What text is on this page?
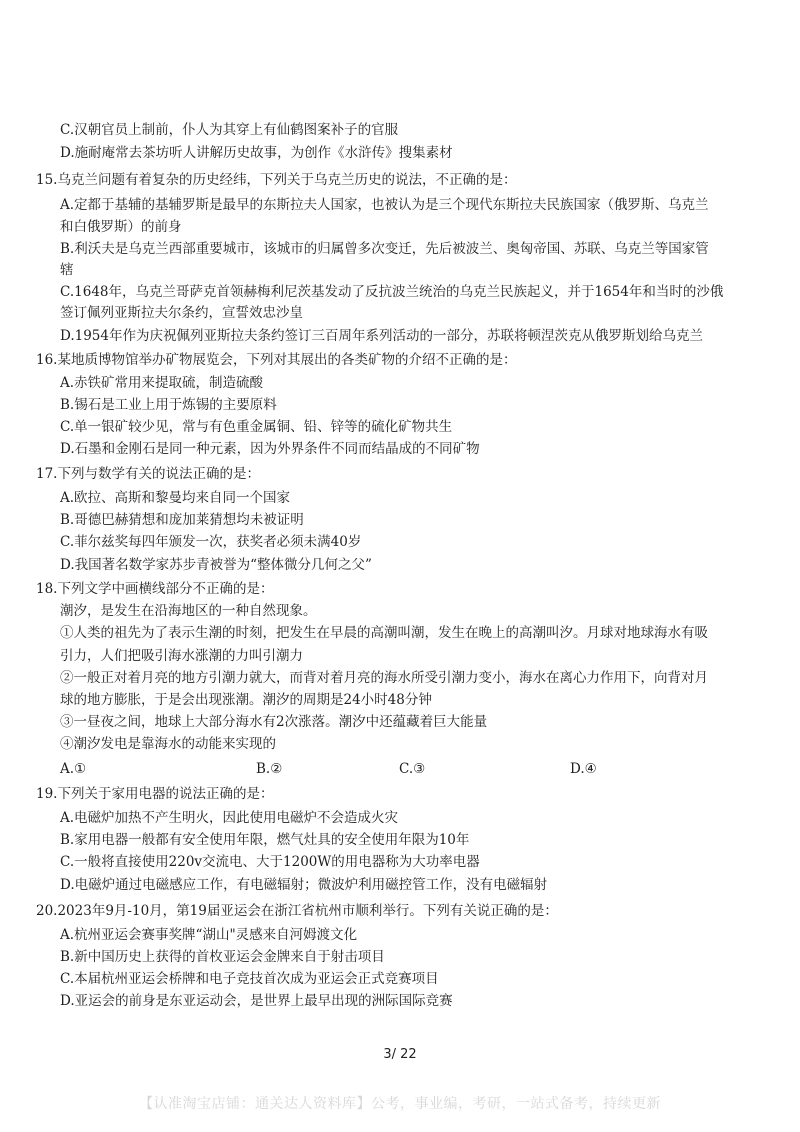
C.汉朝官员上制前，仆人为其穿上有仙鹤图案补子的官服
D.施耐庵常去茶坊听人讲解历史故事，为创作《水浒传》搜集素材
15.乌克兰问题有着复杂的历史经纬，下列关于乌克兰历史的说法，不正确的是：
A.定都于基辅的基辅罗斯是最早的东斯拉夫人国家，也被认为是三个现代东斯拉夫民族国家（俄罗斯、乌克兰
和白俄罗斯）的前身
B.利沃夫是乌克兰西部重要城市，该城市的归属曾多次变迁，先后被波兰、奥匈帝国、苏联、乌克兰等国家管
辖
C.1648年，乌克兰哥萨克首领赫梅利尼茨基发动了反抗波兰统治的乌克兰民族起义，并于1654年和当时的沙俄
签订佩列亚斯拉夫尔条约，宣誓效忠沙皇
D.1954年作为庆祝佩列亚斯拉夫条约签订三百周年系列活动的一部分，苏联将顿涅茨克从俄罗斯划给乌克兰
16.某地质博物馆举办矿物展览会，下列对其展出的各类矿物的介绍不正确的是：
A.赤铁矿常用来提取硫，制造硫酸
B.锡石是工业上用于炼锡的主要原料
C.单一银矿较少见，常与有色重金属铜、铅、锌等的硫化矿物共生
D.石墨和金刚石是同一种元素，因为外界条件不同而结晶成的不同矿物
17.下列与数学有关的说法正确的是：
A.欧拉、高斯和黎曼均来自同一个国家
B.哥德巴赫猜想和庞加莱猜想均未被证明
C.菲尔兹奖每四年颁发一次，获奖者必须未满40岁
D.我国著名数学家苏步青被誉为“整体微分几何之父”
18.下列文学中画横线部分不正确的是：
潮汐，是发生在沿海地区的一种自然现象。
①人类的祖先为了表示生潮的时刻，把发生在早晨的高潮叫潮，发生在晚上的高潮叫汐。月球对地球海水有吸
引力，人们把吸引海水涨潮的力叫引潮力
②一般正对着月亮的地方引潮力就大，而背对着月亮的海水所受引潮力变小，海水在离心力作用下，向背对月
球的地方膨胀，于是会出现涨潮。潮汐的周期是24小时48分钟
③一昼夜之间，地球上大部分海水有2次涨落。潮汐中还蕴藏着巨大能量
④潮汐发电是靠海水的动能来实现的
A.①	B.②	C.③	D.④
19.下列关于家用电器的说法正确的是：
A.电磁炉加热不产生明火，因此使用电磁炉不会造成火灾
B.家用电器一般都有安全使用年限，燃气灶具的安全使用年限为10年
C.一般将直接使用220v交流电、大于1200W的用电器称为大功率电器
D.电磁炉通过电磁感应工作，有电磁辐射；微波炉利用磁控管工作，没有电磁辐射
20.2023年9月-10月，第19届亚运会在浙江省杭州市顺利举行。下列有关说正确的是：
A.杭州亚运会赛事奖牌“湖山"灵感来自河姆渡文化
B.新中国历史上获得的首枚亚运会金牌来自于射击项目
C.本届杭州亚运会桥牌和电子竞技首次成为亚运会正式竞赛项目
D.亚运会的前身是东亚运动会，是世界上最早出现的洲际国际竞赛
3/ 22
【认准淘宝店铺：通关达人资料库】公考，事业编，考研，一站式备考，持续更新
